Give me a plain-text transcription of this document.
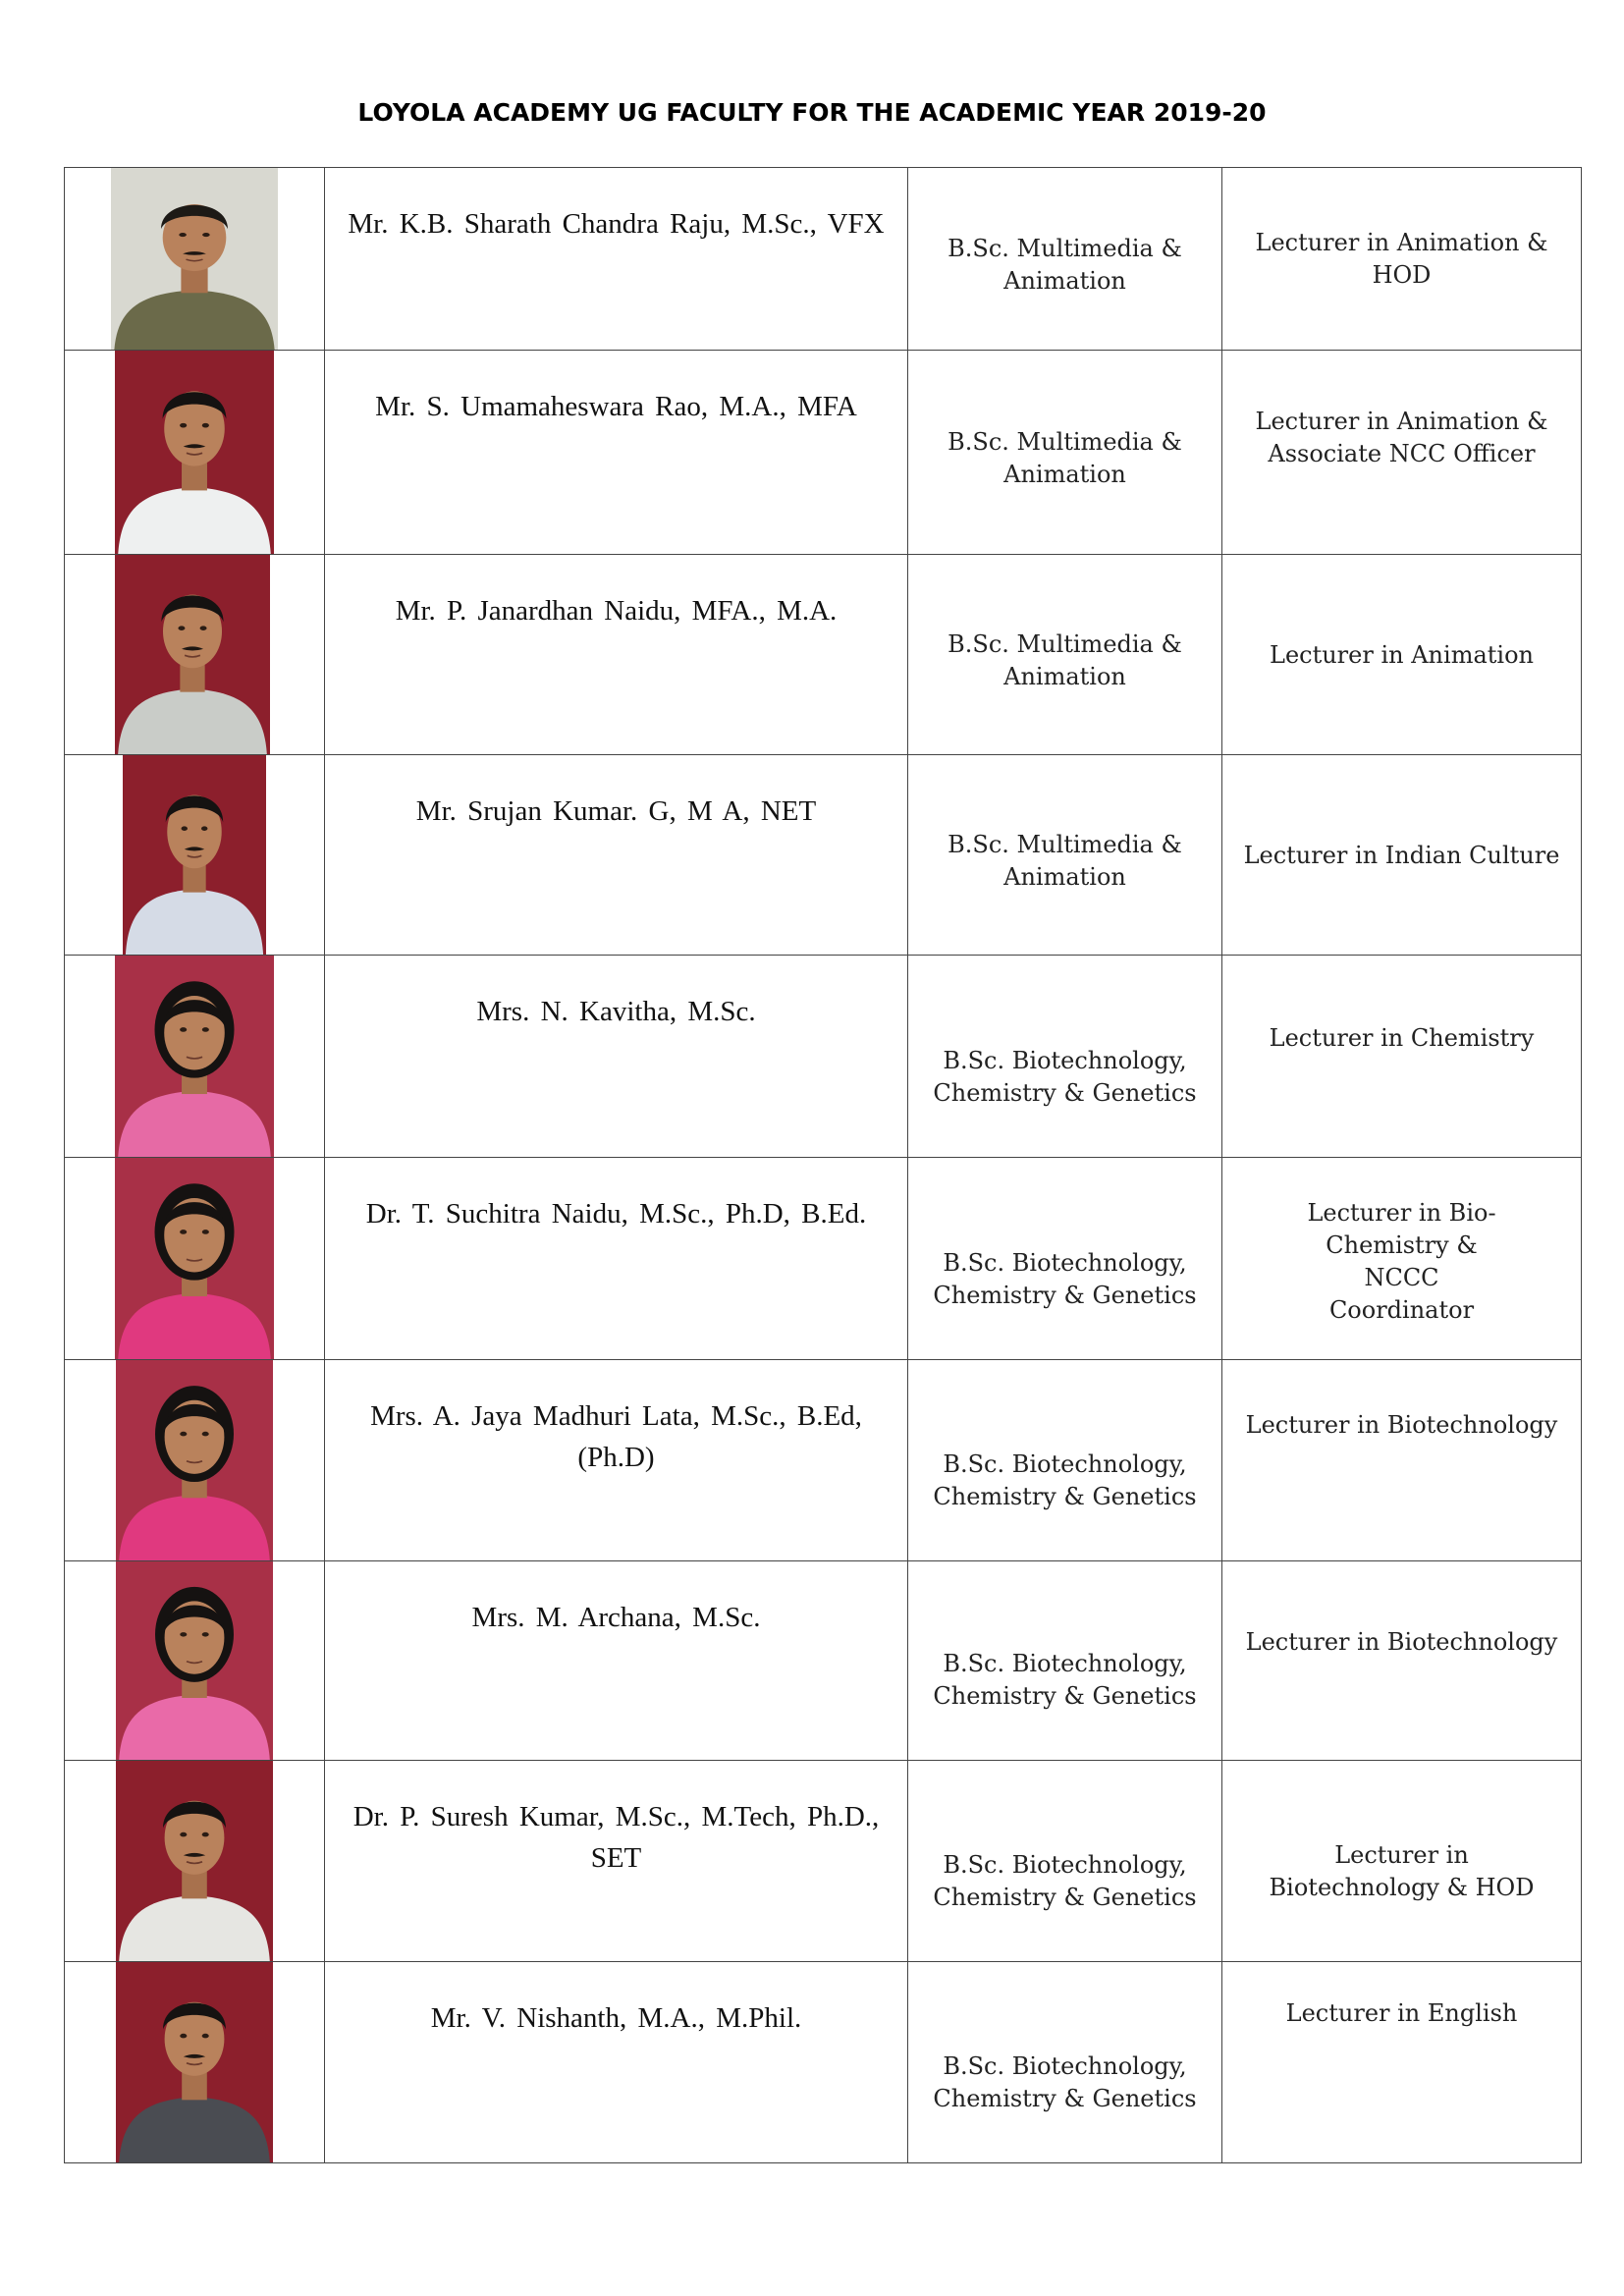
LOYOLA ACADEMY UG FACULTY FOR THE ACADEMIC YEAR 2019-20

Mr. K.B. Sharath Chandra Raju, M.Sc., VFX	B.Sc. Multimedia & Animation	Lecturer in Animation & HOD

Mr. S. Umamaheswara Rao, M.A., MFA	B.Sc. Multimedia & Animation	Lecturer in Animation & Associate NCC Officer

Mr. P. Janardhan Naidu, MFA., M.A.	B.Sc. Multimedia & Animation	Lecturer in Animation

Mr. Srujan Kumar. G, M A, NET	B.Sc. Multimedia & Animation	Lecturer in Indian Culture

Mrs. N. Kavitha, M.Sc.	B.Sc. Biotechnology, Chemistry & Genetics	Lecturer in Chemistry

Dr. T. Suchitra Naidu, M.Sc., Ph.D, B.Ed.	B.Sc. Biotechnology, Chemistry & Genetics	Lecturer in Bio-Chemistry & NCCC Coordinator

Mrs. A. Jaya Madhuri Lata, M.Sc., B.Ed, (Ph.D)	B.Sc. Biotechnology, Chemistry & Genetics	Lecturer in Biotechnology

Mrs. M. Archana, M.Sc.	B.Sc. Biotechnology, Chemistry & Genetics	Lecturer in Biotechnology

Dr. P. Suresh Kumar, M.Sc., M.Tech, Ph.D., SET	B.Sc. Biotechnology, Chemistry & Genetics	Lecturer in Biotechnology & HOD

Mr. V. Nishanth, M.A., M.Phil.	B.Sc. Biotechnology, Chemistry & Genetics	Lecturer in English
